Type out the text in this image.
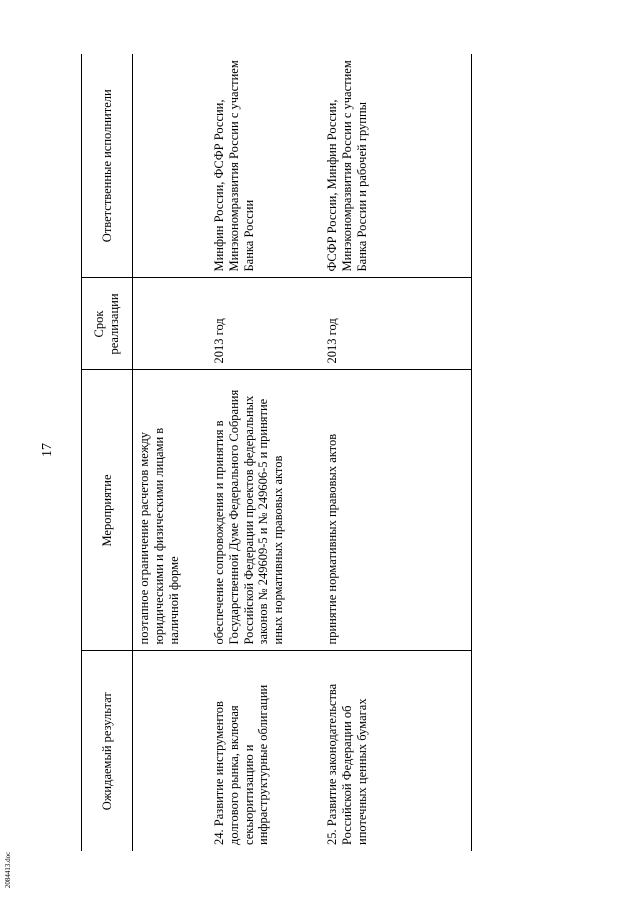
17
Ожидаемый результат	Мероприятие	Срок реализации	Ответственные исполнители
	поэтапное ограничение расчетов между юридическими и физическими лицами в наличной форме		
24. Развитие инструментов долгового рынка, включая секьюритизацию и инфраструктурные облигации	обеспечение сопровождения и принятия в Государственной Думе Федерального Собрания Российской Федерации проектов федеральных законов № 249609-5 и № 249606-5 и принятие иных нормативных правовых актов	2013 год	Минфин России, ФСФР России, Минэкономразвития России с участием Банка России
25. Развитие законодательства Российской Федерации об ипотечных ценных бумагах	принятие нормативных правовых актов	2013 год	ФСФР России, Минфин России, Минэкономразвития России с участием Банка России и рабочей группы
2084413.doc
